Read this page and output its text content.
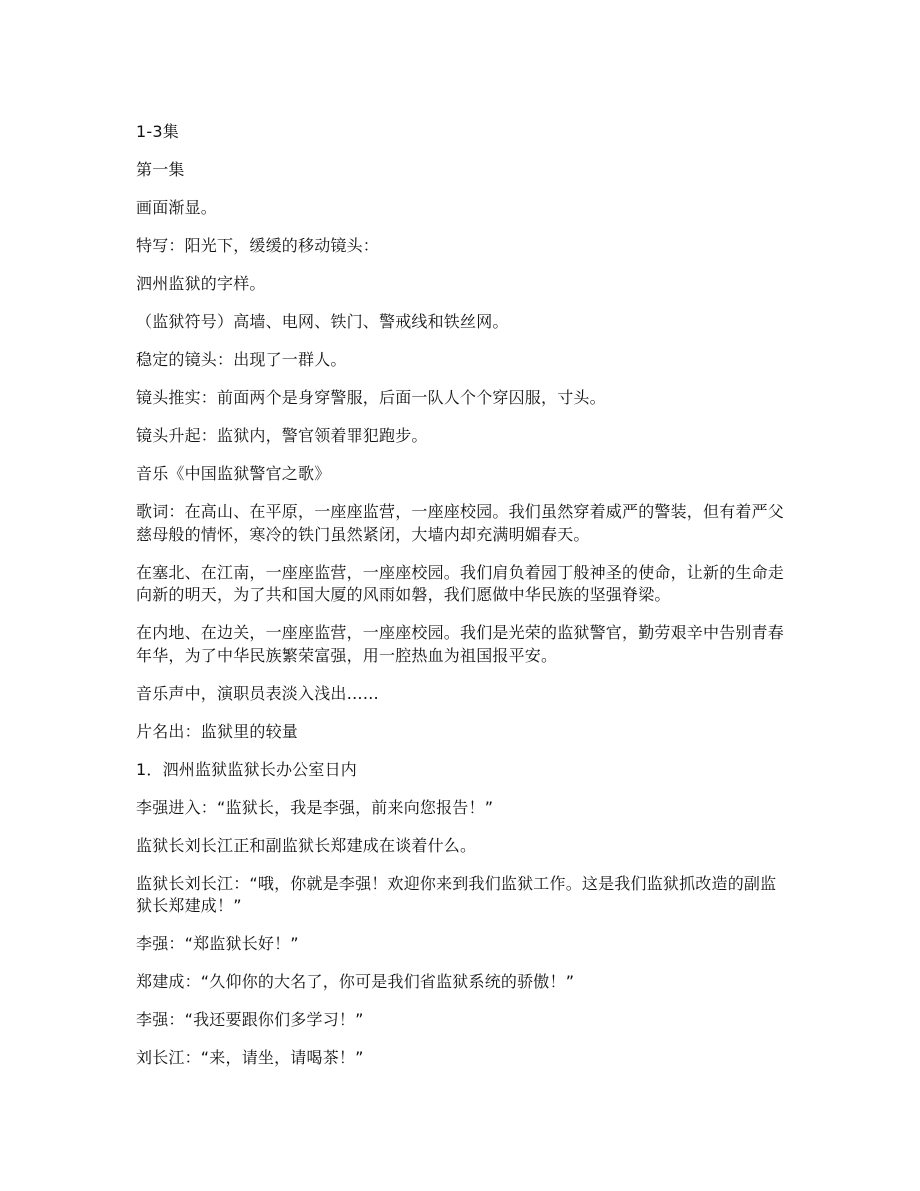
1-3集

第一集

画面渐显。

特写：阳光下，缓缓的移动镜头：

泗州监狱的字样。

（监狱符号）高墙、电网、铁门、警戒线和铁丝网。

稳定的镜头：出现了一群人。

镜头推实：前面两个是身穿警服，后面一队人个个穿囚服，寸头。

镜头升起：监狱内，警官领着罪犯跑步。

音乐《中国监狱警官之歌》

歌词：在高山、在平原，一座座监营，一座座校园。我们虽然穿着威严的警装，但有着严父慈母般的情怀，寒冷的铁门虽然紧闭，大墙内却充满明媚春天。

在塞北、在江南，一座座监营，一座座校园。我们肩负着园丁般神圣的使命，让新的生命走向新的明天，为了共和国大厦的风雨如磐，我们愿做中华民族的坚强脊梁。

在内地、在边关，一座座监营，一座座校园。我们是光荣的监狱警官，勤劳艰辛中告别青春年华，为了中华民族繁荣富强，用一腔热血为祖国报平安。

音乐声中，演职员表淡入浅出……

片名出：监狱里的较量

1．泗州监狱监狱长办公室日内

李强进入：“监狱长，我是李强，前来向您报告！”

监狱长刘长江正和副监狱长郑建成在谈着什么。

监狱长刘长江：“哦，你就是李强！欢迎你来到我们监狱工作。这是我们监狱抓改造的副监狱长郑建成！”

李强：“郑监狱长好！”

郑建成：“久仰你的大名了，你可是我们省监狱系统的骄傲！”

李强：“我还要跟你们多学习！”

刘长江：“来，请坐，请喝茶！”
